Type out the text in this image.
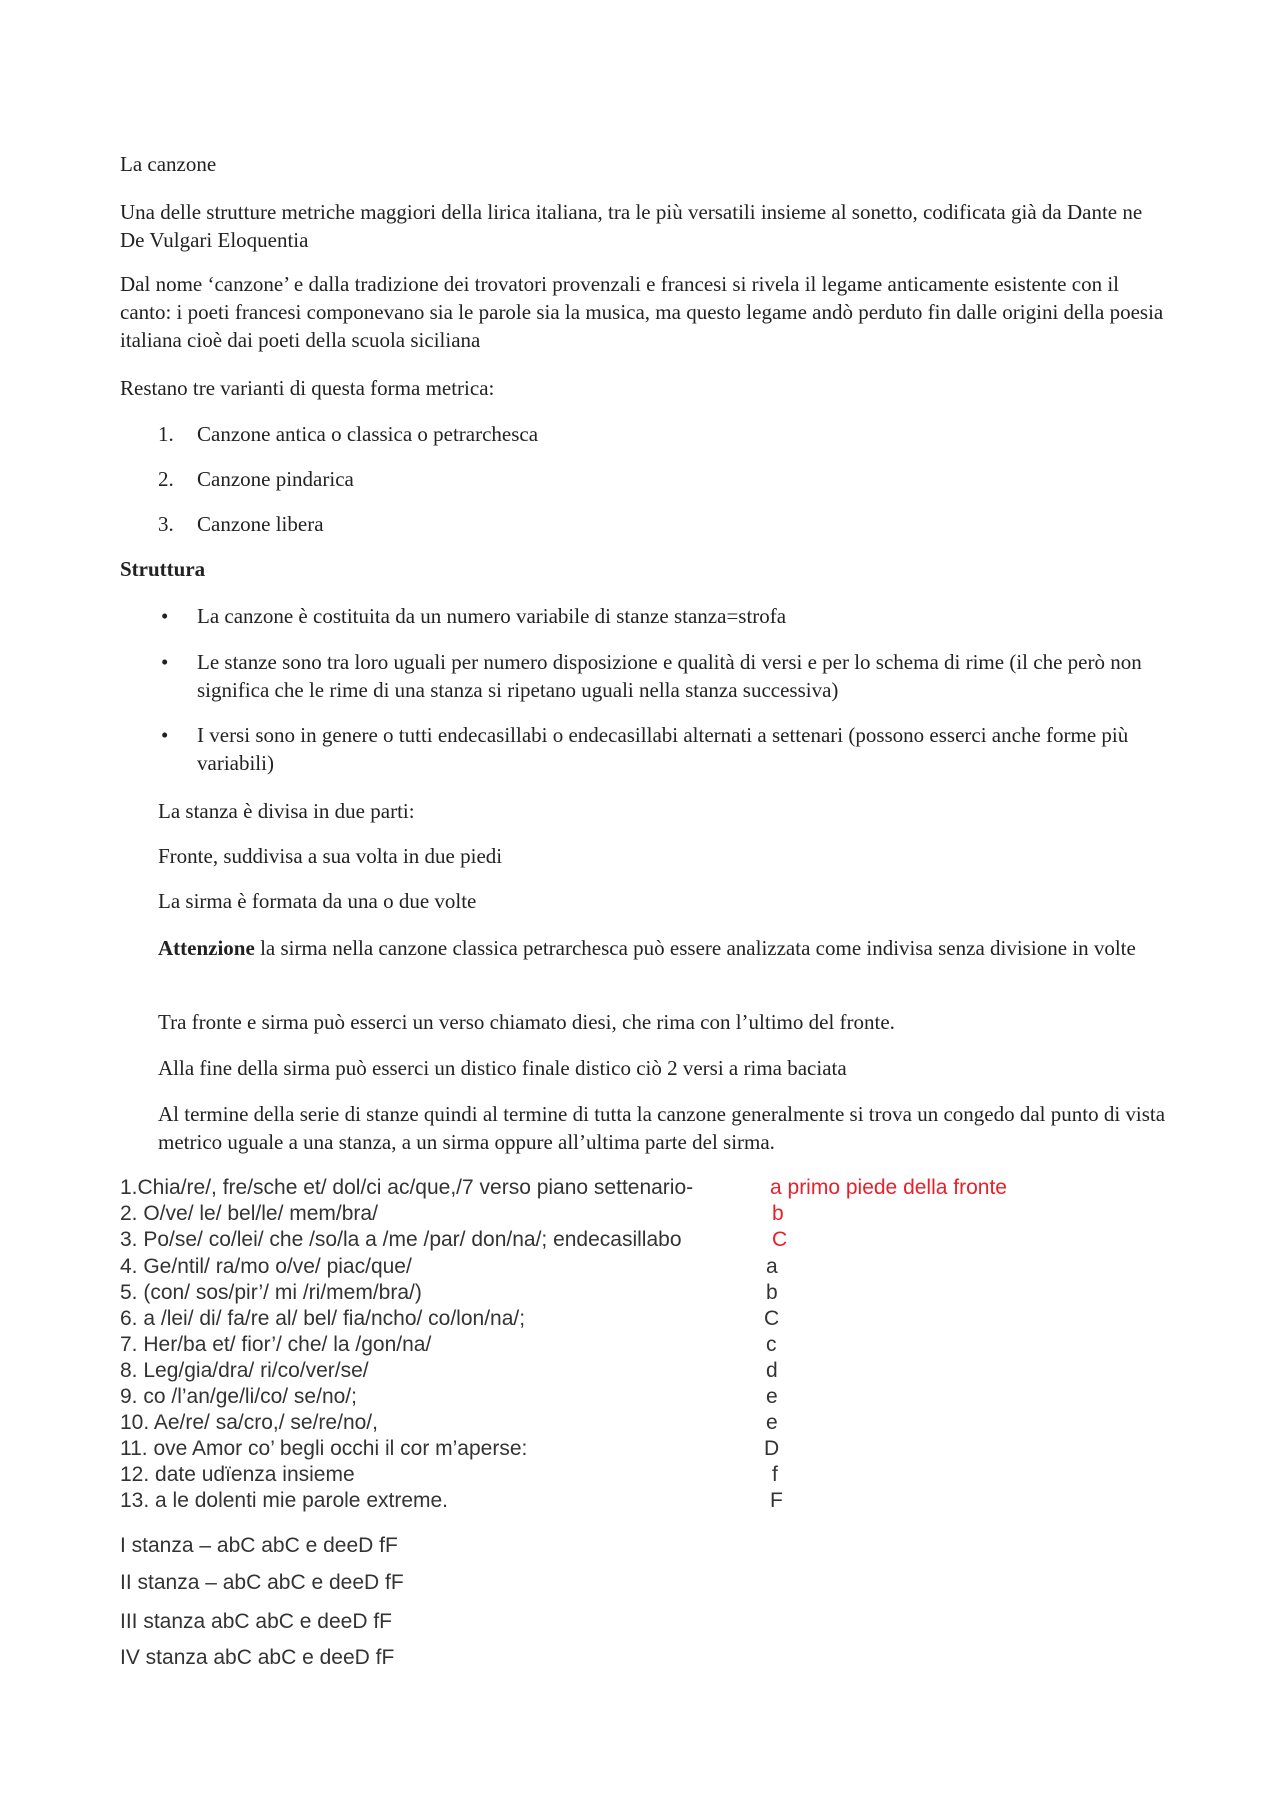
La canzone

Una delle strutture metriche maggiori della lirica italiana, tra le più versatili insieme al sonetto, codificata già da Dante ne De Vulgari Eloquentia

Dal nome ‘canzone’ e dalla tradizione dei trovatori provenzali e francesi si rivela il legame anticamente esistente con il canto: i poeti francesi componevano sia le parole sia la musica, ma questo legame andò perduto fin dalle origini della poesia italiana cioè dai poeti della scuola siciliana

Restano tre varianti di questa forma metrica:

1. Canzone antica o classica o petrarchesca
2. Canzone pindarica
3. Canzone libera

Struttura

• La canzone è costituita da un numero variabile di stanze stanza=strofa
• Le stanze sono tra loro uguali per numero disposizione e qualità di versi e per lo schema di rime (il che però non significa che le rime di una stanza si ripetano uguali nella stanza successiva)
• I versi sono in genere o tutti endecasillabi o endecasillabi alternati a settenari (possono esserci anche forme più variabili)

La stanza è divisa in due parti:

Fronte, suddivisa a sua volta in due piedi

La sirma è formata da una o due volte

Attenzione la sirma nella canzone classica petrarchesca può essere analizzata come indivisa senza divisione in volte

Tra fronte e sirma può esserci un verso chiamato diesi, che rima con l’ultimo del fronte.

Alla fine della sirma può esserci un distico finale distico ciò 2 versi a rima baciata

Al termine della serie di stanze quindi al termine di tutta la canzone generalmente si trova un congedo dal punto di vista metrico uguale a una stanza, a un sirma oppure all’ultima parte del sirma.

1.Chia/re/, fre/sche et/ dol/ci ac/que,/7 verso piano settenario-	a primo piede della fronte
2. O/ve/ le/ bel/le/ mem/bra/	b
3. Po/se/ co/lei/ che /so/la a /me /par/ don/na/; endecasillabo	C
4. Ge/ntil/ ra/mo o/ve/ piac/que/	a
5. (con/ sos/pir’/ mi /ri/mem/bra/)	b
6. a /lei/ di/ fa/re al/ bel/ fia/ncho/ co/lon/na/;	C
7. Her/ba et/ fior’/ che/ la /gon/na/	c
8. Leg/gia/dra/ ri/co/ver/se/	d
9. co /l’an/ge/li/co/ se/no/;	e
10. Ae/re/ sa/cro,/ se/re/no/,	e
11. ove Amor co’ begli occhi il cor m’aperse:	D
12. date udïenza insieme	f
13. a le dolenti mie parole extreme.	F

I stanza – abC abC e deeD fF

II stanza – abC abC e deeD fF

III stanza abC abC e deeD fF

IV stanza abC abC e deeD fF
